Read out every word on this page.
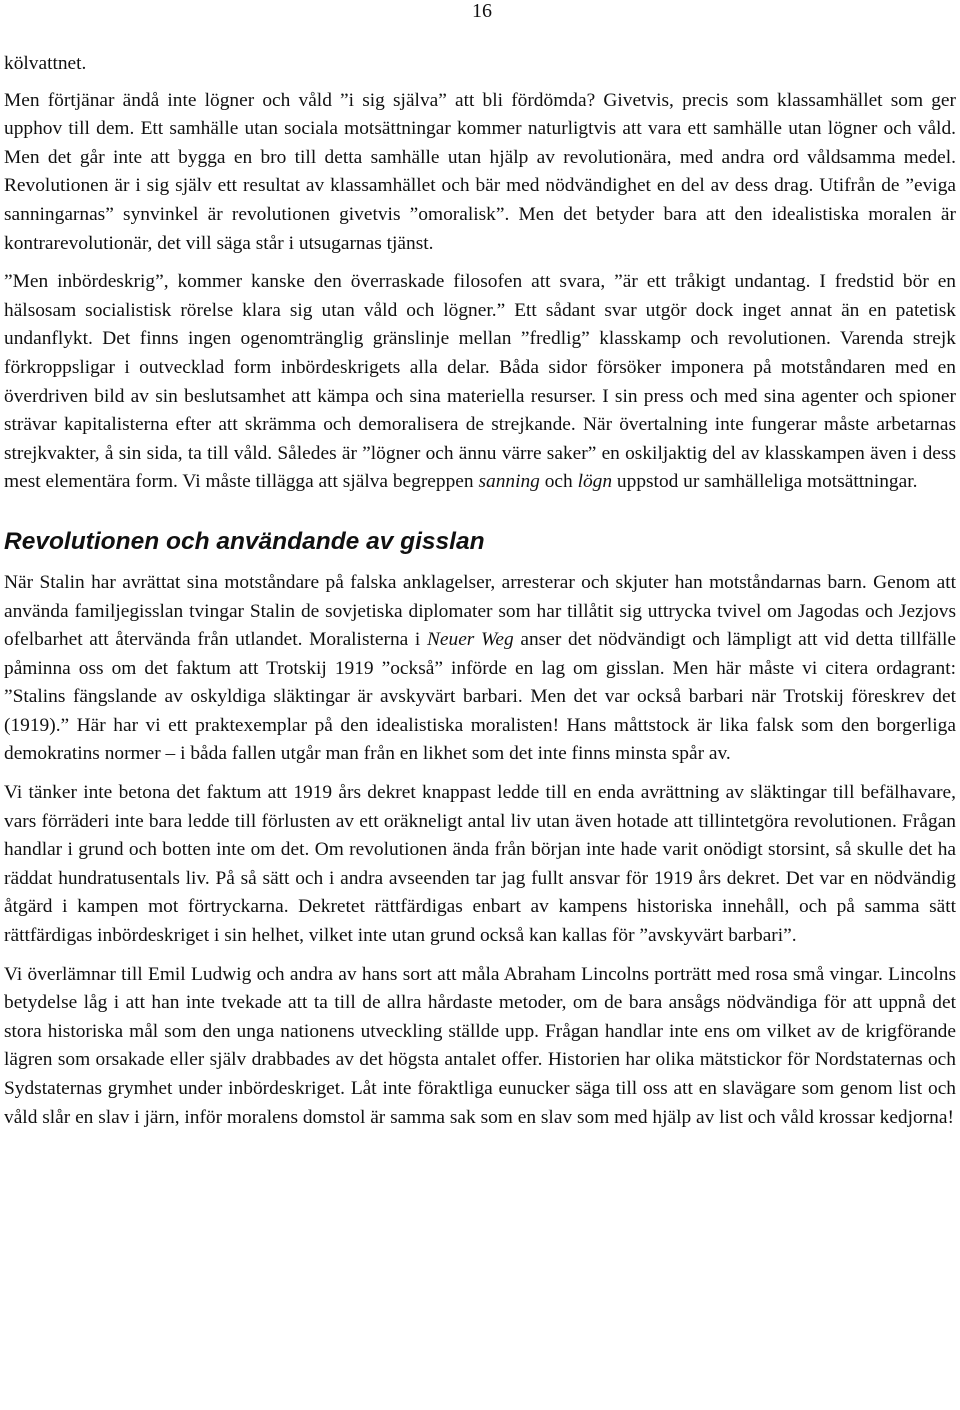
16

kölvattnet.

Men förtjänar ändå inte lögner och våld ”i sig själva” att bli fördömda? Givetvis, precis som klassamhället som ger upphov till dem. Ett samhälle utan sociala motsättningar kommer naturligtvis att vara ett samhälle utan lögner och våld. Men det går inte att bygga en bro till detta samhälle utan hjälp av revolutionära, med andra ord våldsamma medel. Revolutionen är i sig själv ett resultat av klassamhället och bär med nödvändighet en del av dess drag. Utifrån de ”eviga sanningarnas” synvinkel är revolutionen givetvis ”omoralisk”. Men det betyder bara att den idealistiska moralen är kontrarevolutionär, det vill säga står i utsugarnas tjänst.

”Men inbördeskrig”, kommer kanske den överraskade filosofen att svara, ”är ett tråkigt undantag. I fredstid bör en hälsosam socialistisk rörelse klara sig utan våld och lögner.” Ett sådant svar utgör dock inget annat än en patetisk undanflykt. Det finns ingen ogenomtränglig gränslinje mellan ”fredlig” klasskamp och revolutionen. Varenda strejk förkroppsligar i outvecklad form inbördeskrigets alla delar. Båda sidor försöker imponera på motståndaren med en överdriven bild av sin beslutsamhet att kämpa och sina materiella resurser. I sin press och med sina agenter och spioner strävar kapitalisterna efter att skrämma och demoralisera de strejkande. När övertalning inte fungerar måste arbetarnas strejkvakter, å sin sida, ta till våld. Således är ”lögner och ännu värre saker” en oskiljaktig del av klasskampen även i dess mest elementära form. Vi måste tillägga att själva begreppen sanning och lögn uppstod ur samhälleliga motsättningar.

Revolutionen och användande av gisslan

När Stalin har avrättat sina motståndare på falska anklagelser, arresterar och skjuter han motståndarnas barn. Genom att använda familjegisslan tvingar Stalin de sovjetiska diplomater som har tillåtit sig uttrycka tvivel om Jagodas och Jezjovs ofelbarhet att återvända från utlandet. Moralisterna i Neuer Weg anser det nödvändigt och lämpligt att vid detta tillfälle påminna oss om det faktum att Trotskij 1919 ”också” införde en lag om gisslan. Men här måste vi citera ordagrant: ”Stalins fängslande av oskyldiga släktingar är avskyvärt barbari. Men det var också barbari när Trotskij föreskrev det (1919).” Här har vi ett praktexemplar på den idealistiska moralisten! Hans måttstock är lika falsk som den borgerliga demokratins normer – i båda fallen utgår man från en likhet som det inte finns minsta spår av.

Vi tänker inte betona det faktum att 1919 års dekret knappast ledde till en enda avrättning av släktingar till befälhavare, vars förräderi inte bara ledde till förlusten av ett oräkneligt antal liv utan även hotade att tillintetgöra revolutionen. Frågan handlar i grund och botten inte om det. Om revolutionen ända från början inte hade varit onödigt storsint, så skulle det ha räddat hundratusentals liv. På så sätt och i andra avseenden tar jag fullt ansvar för 1919 års dekret. Det var en nödvändig åtgärd i kampen mot förtryckarna. Dekretet rättfärdigas enbart av kampens historiska innehåll, och på samma sätt rättfärdigas inbördeskriget i sin helhet, vilket inte utan grund också kan kallas för ”avskyvärt barbari”.

Vi överlämnar till Emil Ludwig och andra av hans sort att måla Abraham Lincolns porträtt med rosa små vingar. Lincolns betydelse låg i att han inte tvekade att ta till de allra hårdaste metoder, om de bara ansågs nödvändiga för att uppnå det stora historiska mål som den unga nationens utveckling ställde upp. Frågan handlar inte ens om vilket av de krigförande lägren som orsakade eller själv drabbades av det högsta antalet offer. Historien har olika mätstickor för Nordstaternas och Sydstaternas grymhet under inbördeskriget. Låt inte föraktliga eunucker säga till oss att en slavägare som genom list och våld slår en slav i järn, inför moralens domstol är samma sak som en slav som med hjälp av list och våld krossar kedjorna!
